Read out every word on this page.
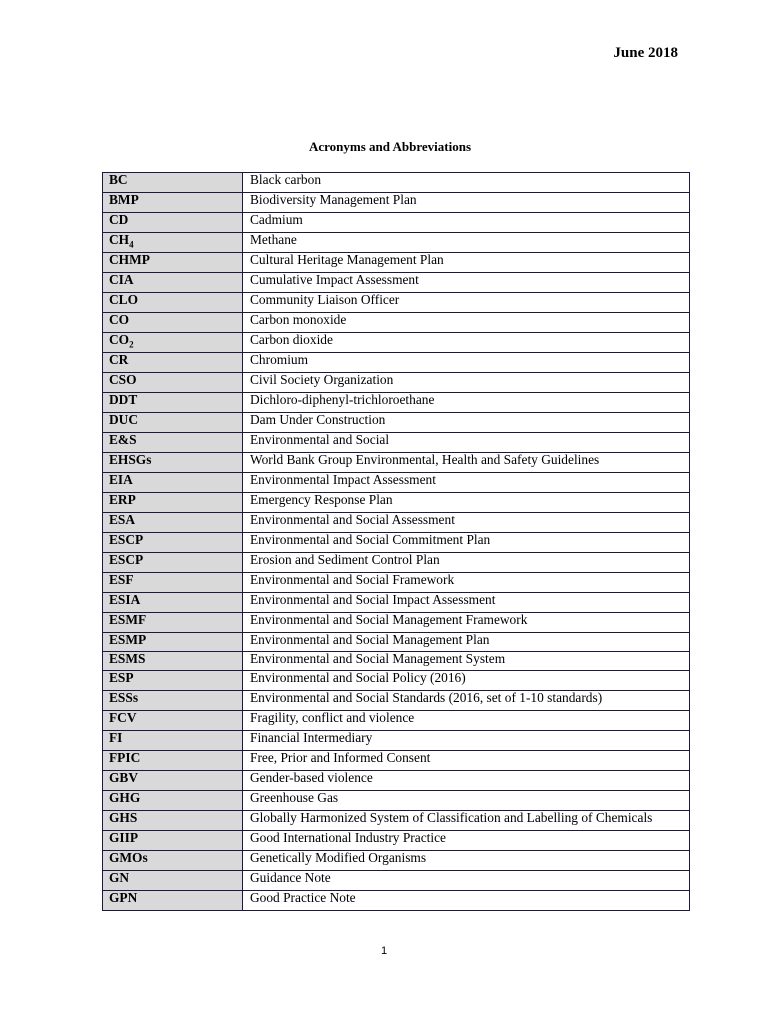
June 2018
Acronyms and Abbreviations
BC	Black carbon
BMP	Biodiversity Management Plan
CD	Cadmium
$CH_4$	Methane
CHMP	Cultural Heritage Management Plan
CIA	Cumulative Impact Assessment
CLO	Community Liaison Officer
CO	Carbon monoxide
$CO_2$	Carbon dioxide
CR	Chromium
CSO	Civil Society Organization
DDT	Dichloro-diphenyl-trichloroethane
DUC	Dam Under Construction
E&S	Environmental and Social
EHSGs	World Bank Group Environmental, Health and Safety Guidelines
EIA	Environmental Impact Assessment
ERP	Emergency Response Plan
ESA	Environmental and Social Assessment
ESCP	Environmental and Social Commitment Plan
ESCP	Erosion and Sediment Control Plan
ESF	Environmental and Social Framework
ESIA	Environmental and Social Impact Assessment
ESMF	Environmental and Social Management Framework
ESMP	Environmental and Social Management Plan
ESMS	Environmental and Social Management System
ESP	Environmental and Social Policy (2016)
ESSs	Environmental and Social Standards (2016, set of 1-10 standards)
FCV	Fragility, conflict and violence
FI	Financial Intermediary
FPIC	Free, Prior and Informed Consent
GBV	Gender-based violence
GHG	Greenhouse Gas
GHS	Globally Harmonized System of Classification and Labelling of Chemicals
GIIP	Good International Industry Practice
GMOs	Genetically Modified Organisms
GN	Guidance Note
GPN	Good Practice Note
1
